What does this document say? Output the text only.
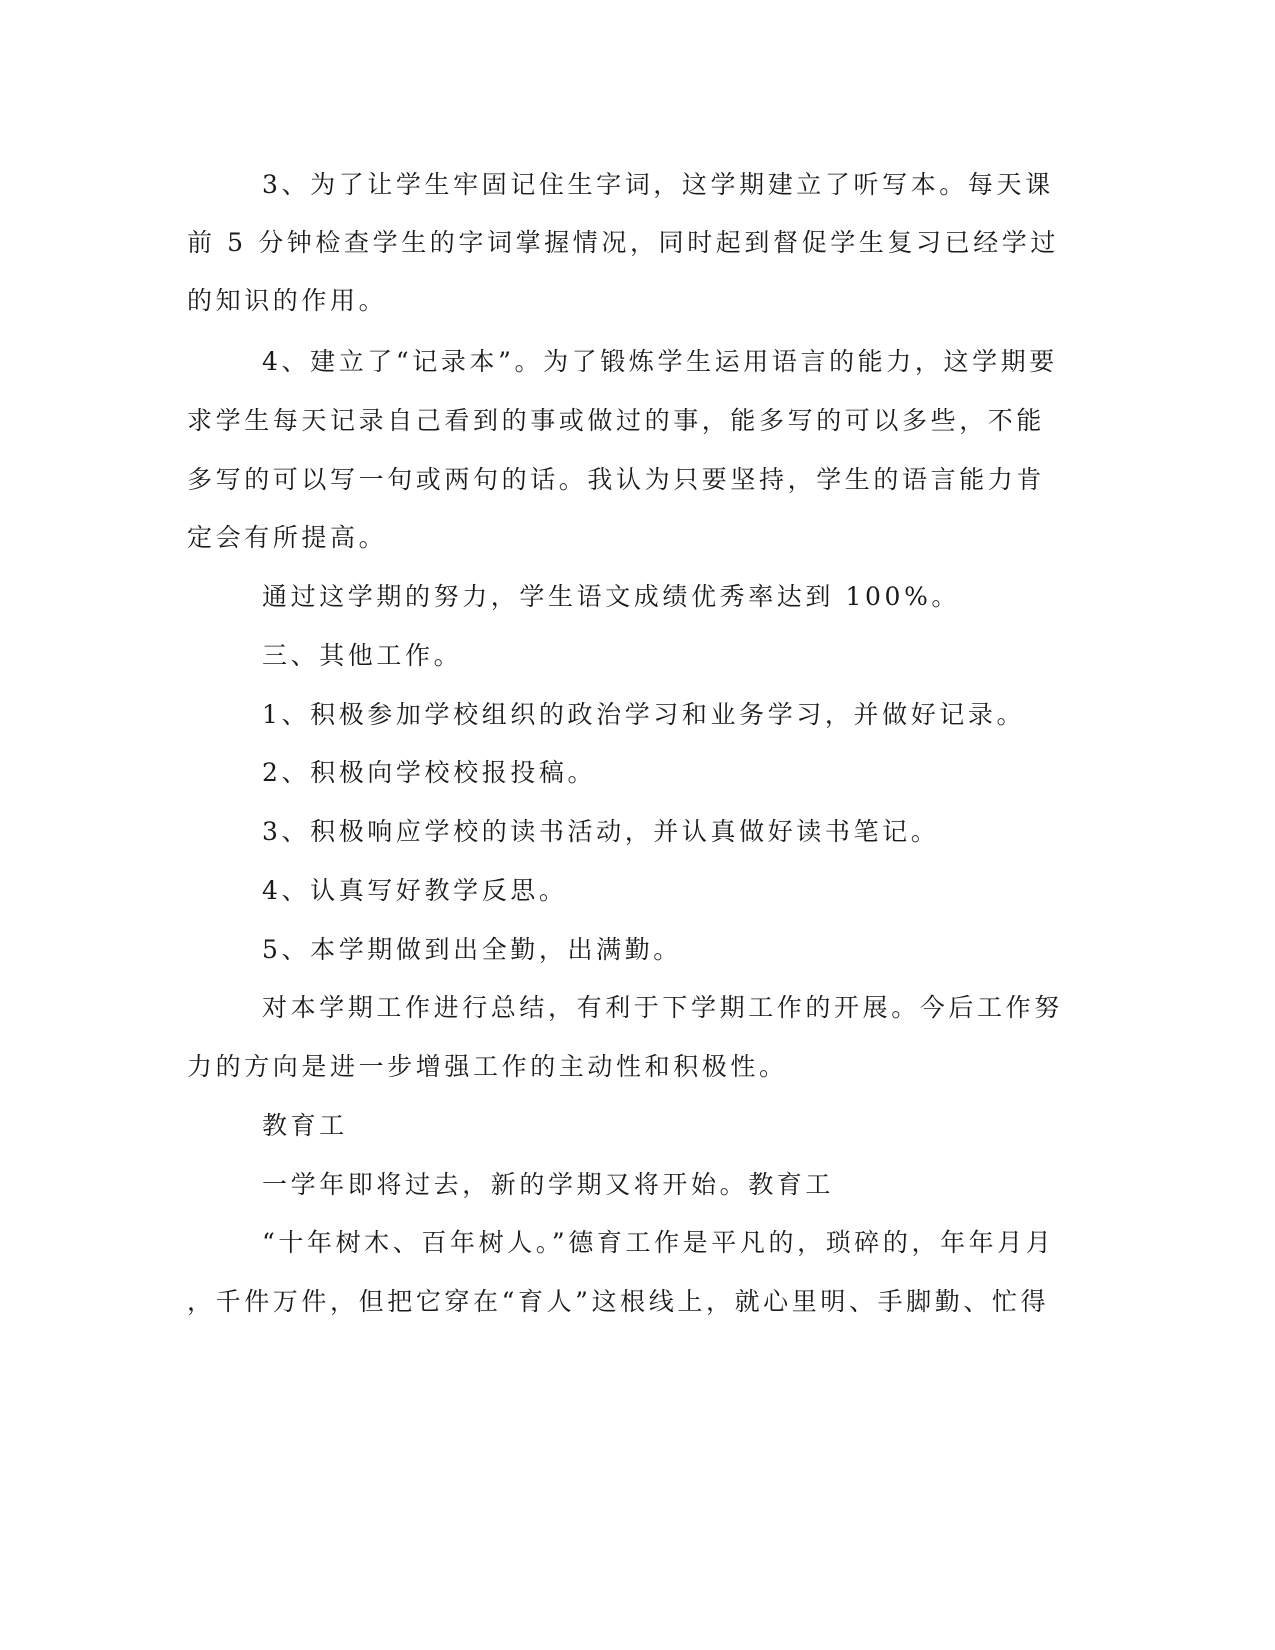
3、为了让学生牢固记住生字词，这学期建立了听写本。每天课
前 5 分钟检查学生的字词掌握情况，同时起到督促学生复习已经学过
的知识的作用。
4、建立了“记录本”。为了锻炼学生运用语言的能力，这学期要
求学生每天记录自己看到的事或做过的事，能多写的可以多些，不能
多写的可以写一句或两句的话。我认为只要坚持，学生的语言能力肯
定会有所提高。
通过这学期的努力，学生语文成绩优秀率达到 100%。
三、其他工作。
1、积极参加学校组织的政治学习和业务学习，并做好记录。
2、积极向学校校报投稿。
3、积极响应学校的读书活动，并认真做好读书笔记。
4、认真写好教学反思。
5、本学期做到出全勤，出满勤。
对本学期工作进行总结，有利于下学期工作的开展。今后工作努
力的方向是进一步增强工作的主动性和积极性。
教育工
一学年即将过去，新的学期又将开始。教育工
“十年树木、百年树人。”德育工作是平凡的，琐碎的，年年月月
，千件万件，但把它穿在“育人”这根线上，就心里明、手脚勤、忙得
